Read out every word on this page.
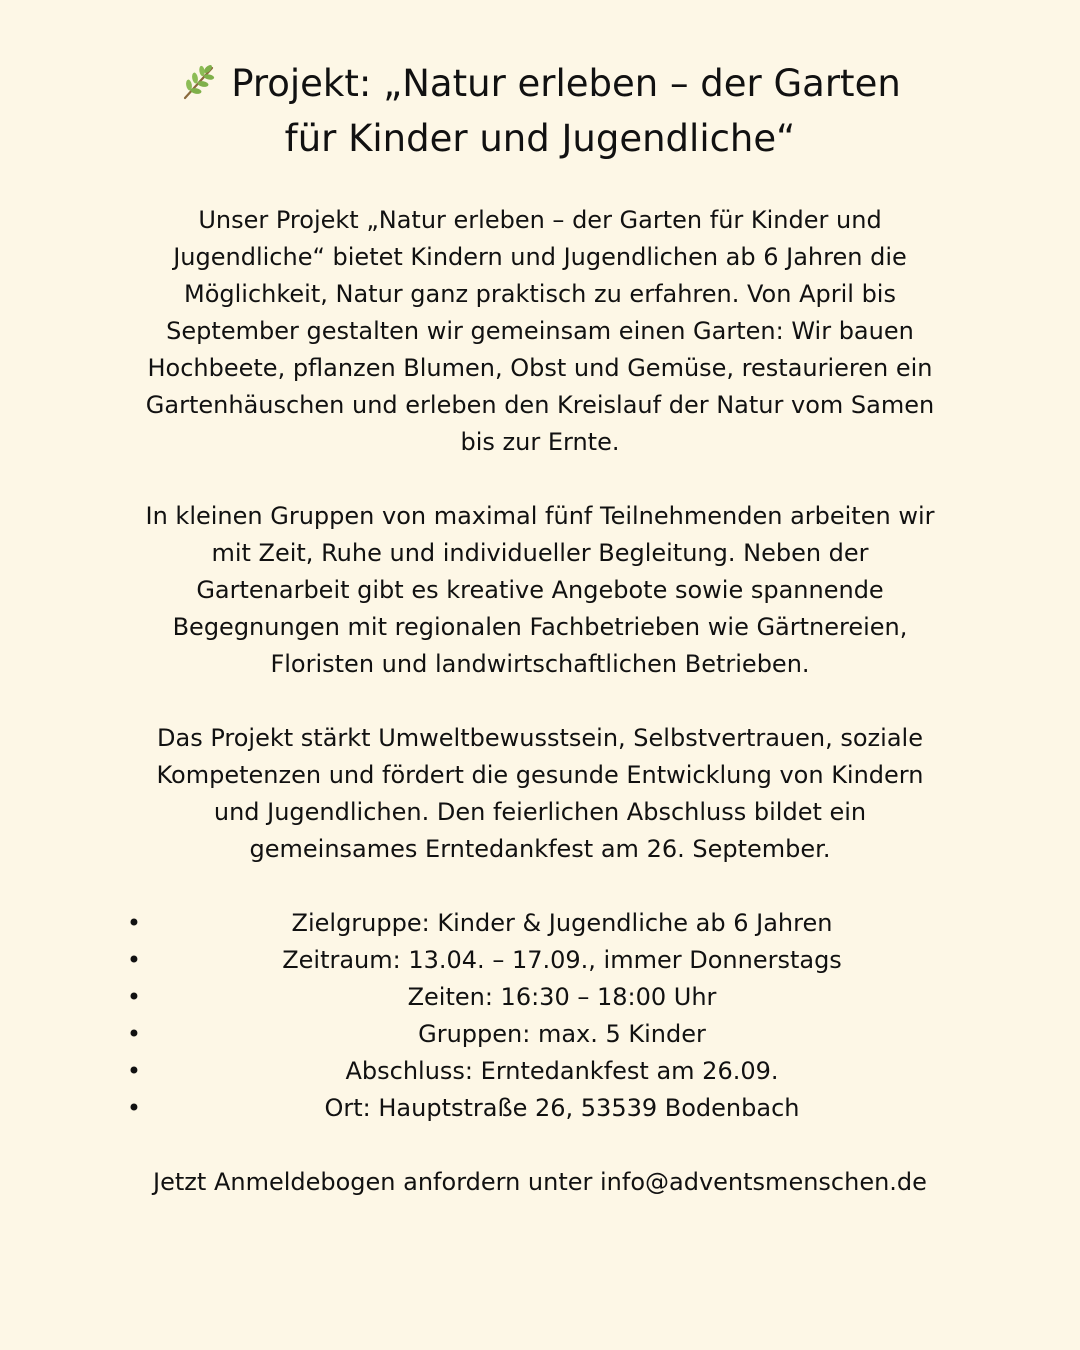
Projekt: „Natur erleben – der Garten
für Kinder und Jugendliche“

Unser Projekt „Natur erleben – der Garten für Kinder und
Jugendliche“ bietet Kindern und Jugendlichen ab 6 Jahren die
Möglichkeit, Natur ganz praktisch zu erfahren. Von April bis
September gestalten wir gemeinsam einen Garten: Wir bauen
Hochbeete, pflanzen Blumen, Obst und Gemüse, restaurieren ein
Gartenhäuschen und erleben den Kreislauf der Natur vom Samen
bis zur Ernte.

In kleinen Gruppen von maximal fünf Teilnehmenden arbeiten wir
mit Zeit, Ruhe und individueller Begleitung. Neben der
Gartenarbeit gibt es kreative Angebote sowie spannende
Begegnungen mit regionalen Fachbetrieben wie Gärtnereien,
Floristen und landwirtschaftlichen Betrieben.

Das Projekt stärkt Umweltbewusstsein, Selbstvertrauen, soziale
Kompetenzen und fördert die gesunde Entwicklung von Kindern
und Jugendlichen. Den feierlichen Abschluss bildet ein
gemeinsames Erntedankfest am 26. September.

•	Zielgruppe: Kinder & Jugendliche ab 6 Jahren
•	Zeitraum: 13.04. – 17.09., immer Donnerstags
•	Zeiten: 16:30 – 18:00 Uhr
•	Gruppen: max. 5 Kinder
•	Abschluss: Erntedankfest am 26.09.
•	Ort: Hauptstraße 26, 53539 Bodenbach

Jetzt Anmeldebogen anfordern unter info@adventsmenschen.de
